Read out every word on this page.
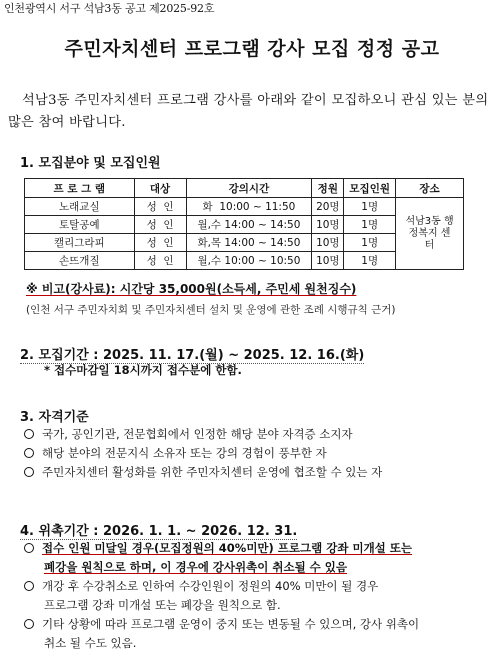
인천광역시 서구 석남3동 공고 제2025-92호
주민자치센터 프로그램 강사 모집 정정 공고
석남3동 주민자치센터 프로그램 강사를 아래와 같이 모집하오니 관심 있는 분의 많은 참여 바랍니다.
1. 모집분야 및 모집인원
프 로 그 램	대상	강의시간	정원	모집인원	장소
노래교실	성  인	화  10:00 ~ 11:50	20명	1명	석남3동 행정복지 센터
토탈공예	성  인	월,수 14:00 ~ 14:50	10명	1명	
캘리그라피	성  인	화,목 14:00 ~ 14:50	10명	1명	
손뜨개질	성  인	월,수 10:00 ~ 10:50	10명	1명	
※ 비고(강사료): 시간당 35,000원(소득세, 주민세 원천징수)
(인천 서구 주민자치회 및 주민자치센터 설치 및 운영에 관한 조례 시행규칙 근거)
2. 모집기간 : 2025. 11. 17.(월) ~ 2025. 12. 16.(화)
* 접수마감일 18시까지 접수분에 한함.
3. 자격기준
국가, 공인기관, 전문협회에서 인정한 해당 분야 자격증 소지자
해당 분야의 전문지식 소유자 또는 강의 경험이 풍부한 자
주민자치센터 활성화를 위한 주민자치센터 운영에 협조할 수 있는 자
4. 위촉기간 : 2026. 1. 1. ~ 2026. 12. 31.
접수 인원 미달일 경우(모집정원의 40%미만) 프로그램 강좌 미개설 또는
폐강을 원칙으로 하며, 이 경우에 강사위촉이 취소될 수 있음
개강 후 수강취소로 인하여 수강인원이 정원의 40% 미만이 될 경우
프로그램 강좌 미개설 또는 폐강을 원칙으로 함.
기타 상황에 따라 프로그램 운영이 중지 또는 변동될 수 있으며, 강사 위촉이
취소 될 수도 있음.
